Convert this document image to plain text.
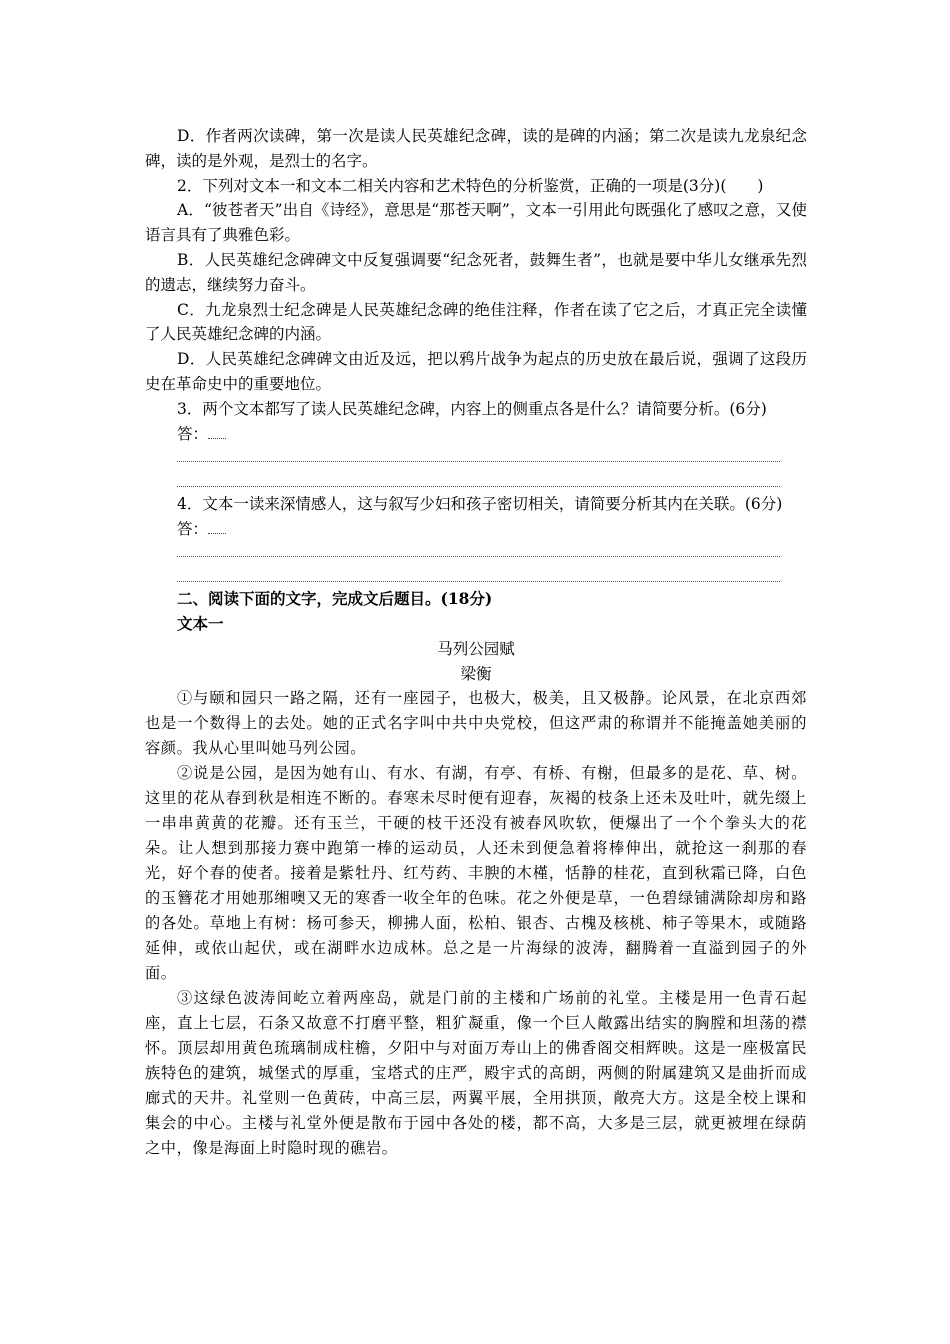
D．作者两次读碑，第一次是读人民英雄纪念碑，读的是碑的内涵；第二次是读九龙泉纪念碑，读的是外观，是烈士的名字。

2．下列对文本一和文本二相关内容和艺术特色的分析鉴赏，正确的一项是(3分)(　　)

A．“彼苍者天”出自《诗经》，意思是“那苍天啊”，文本一引用此句既强化了感叹之意，又使语言具有了典雅色彩。

B．人民英雄纪念碑碑文中反复强调要“纪念死者，鼓舞生者”，也就是要中华儿女继承先烈的遗志，继续努力奋斗。

C．九龙泉烈士纪念碑是人民英雄纪念碑的绝佳注释，作者在读了它之后，才真正完全读懂了人民英雄纪念碑的内涵。

D．人民英雄纪念碑碑文由近及远，把以鸦片战争为起点的历史放在最后说，强调了这段历史在革命史中的重要地位。

3．两个文本都写了读人民英雄纪念碑，内容上的侧重点各是什么？请简要分析。(6分)

答：

4．文本一读来深情感人，这与叙写少妇和孩子密切相关，请简要分析其内在关联。(6分)

答：

二、阅读下面的文字，完成文后题目。(18分)

文本一

马列公园赋

梁衡

①与颐和园只一路之隔，还有一座园子，也极大，极美，且又极静。论风景，在北京西郊也是一个数得上的去处。她的正式名字叫中共中央党校，但这严肃的称谓并不能掩盖她美丽的容颜。我从心里叫她马列公园。

②说是公园，是因为她有山、有水、有湖，有亭、有桥、有榭，但最多的是花、草、树。这里的花从春到秋是相连不断的。春寒未尽时便有迎春，灰褐的枝条上还未及吐叶，就先缀上一串串黄黄的花瓣。还有玉兰，干硬的枝干还没有被春风吹软，便爆出了一个个拳头大的花朵。让人想到那接力赛中跑第一棒的运动员，人还未到便急着将棒伸出，就抢这一刹那的春光，好个春的使者。接着是紫牡丹、红芍药、丰腴的木槿，恬静的桂花，直到秋霜已降，白色的玉簪花才用她那缃噢又无的寒香一收全年的色味。花之外便是草，一色碧绿铺满除却房和路的各处。草地上有树：杨可参天，柳拂人面，松柏、银杏、古槐及核桃、柿子等果木，或随路延伸，或依山起伏，或在湖畔水边成林。总之是一片海绿的波涛，翻腾着一直溢到园子的外面。

③这绿色波涛间屹立着两座岛，就是门前的主楼和广场前的礼堂。主楼是用一色青石起座，直上七层，石条又故意不打磨平整，粗犷凝重，像一个巨人敞露出结实的胸膛和坦荡的襟怀。顶层却用黄色琉璃制成柱檐，夕阳中与对面万寿山上的佛香阁交相辉映。这是一座极富民族特色的建筑，城堡式的厚重，宝塔式的庄严，殿宇式的高朗，两侧的附属建筑又是曲折而成廊式的天井。礼堂则一色黄砖，中高三层，两翼平展，全用拱顶，敞亮大方。这是全校上课和集会的中心。主楼与礼堂外便是散布于园中各处的楼，都不高，大多是三层，就更被埋在绿荫之中，像是海面上时隐时现的礁岩。
